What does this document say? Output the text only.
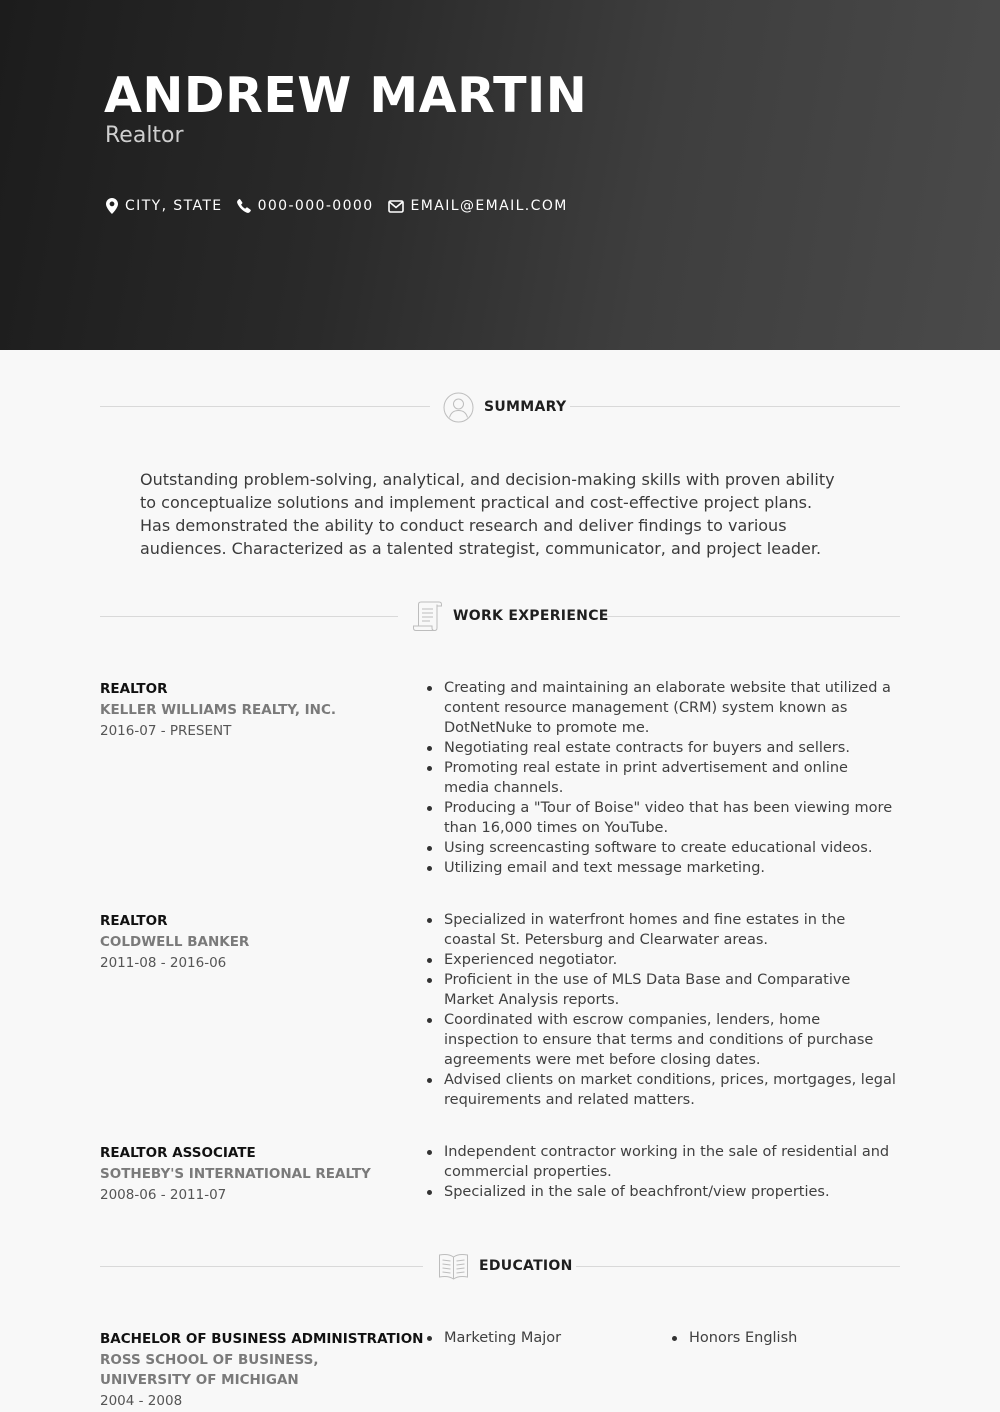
ANDREW MARTIN
Realtor
CITY, STATE	000-000-0000	EMAIL@EMAIL.COM
SUMMARY
Outstanding problem-solving, analytical, and decision-making skills with proven ability to conceptualize solutions and implement practical and cost-effective project plans. Has demonstrated the ability to conduct research and deliver findings to various audiences. Characterized as a talented strategist, communicator, and project leader.
WORK EXPERIENCE
REALTOR
KELLER WILLIAMS REALTY, INC.
2016-07 - PRESENT
Creating and maintaining an elaborate website that utilized a content resource management (CRM) system known as DotNetNuke to promote me.
Negotiating real estate contracts for buyers and sellers.
Promoting real estate in print advertisement and online media channels.
Producing a "Tour of Boise" video that has been viewing more than 16,000 times on YouTube.
Using screencasting software to create educational videos.
Utilizing email and text message marketing.
REALTOR
COLDWELL BANKER
2011-08 - 2016-06
Specialized in waterfront homes and fine estates in the coastal St. Petersburg and Clearwater areas.
Experienced negotiator.
Proficient in the use of MLS Data Base and Comparative Market Analysis reports.
Coordinated with escrow companies, lenders, home inspection to ensure that terms and conditions of purchase agreements were met before closing dates.
Advised clients on market conditions, prices, mortgages, legal requirements and related matters.
REALTOR ASSOCIATE
SOTHEBY'S INTERNATIONAL REALTY
2008-06 - 2011-07
Independent contractor working in the sale of residential and commercial properties.
Specialized in the sale of beachfront/view properties.
EDUCATION
BACHELOR OF BUSINESS ADMINISTRATION
ROSS SCHOOL OF BUSINESS, UNIVERSITY OF MICHIGAN
2004 - 2008
Marketing Major	Honors English
